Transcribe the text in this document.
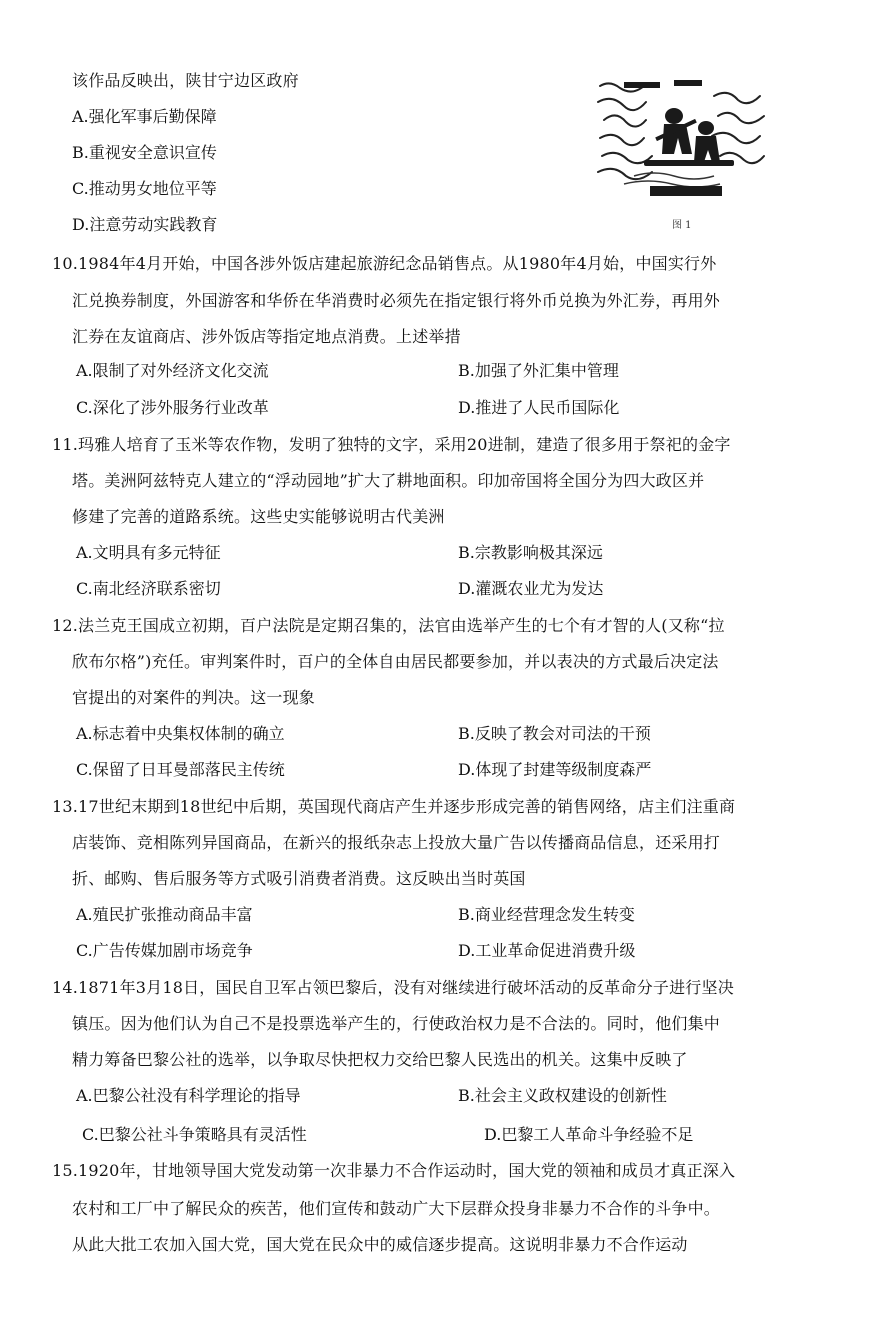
该作品反映出，陕甘宁边区政府
A.强化军事后勤保障
B.重视安全意识宣传
C.推动男女地位平等
D.注意劳动实践教育	图 1
10.1984年4月开始，中国各涉外饭店建起旅游纪念品销售点。从1980年4月始，中国实行外
汇兑换券制度，外国游客和华侨在华消费时必须先在指定银行将外币兑换为外汇券，再用外
汇券在友谊商店、涉外饭店等指定地点消费。上述举措
A.限制了对外经济文化交流	B.加强了外汇集中管理
C.深化了涉外服务行业改革	D.推进了人民币国际化
11.玛雅人培育了玉米等农作物，发明了独特的文字，采用20进制，建造了很多用于祭祀的金字
塔。美洲阿兹特克人建立的“浮动园地”扩大了耕地面积。印加帝国将全国分为四大政区并
修建了完善的道路系统。这些史实能够说明古代美洲
A.文明具有多元特征	B.宗教影响极其深远
C.南北经济联系密切	D.灌溉农业尤为发达
12.法兰克王国成立初期，百户法院是定期召集的，法官由选举产生的七个有才智的人(又称“拉
欣布尔格”)充任。审判案件时，百户的全体自由居民都要参加，并以表决的方式最后决定法
官提出的对案件的判决。这一现象
A.标志着中央集权体制的确立	B.反映了教会对司法的干预
C.保留了日耳曼部落民主传统	D.体现了封建等级制度森严
13.17世纪末期到18世纪中后期，英国现代商店产生并逐步形成完善的销售网络，店主们注重商
店装饰、竞相陈列异国商品，在新兴的报纸杂志上投放大量广告以传播商品信息，还采用打
折、邮购、售后服务等方式吸引消费者消费。这反映出当时英国
A.殖民扩张推动商品丰富	B.商业经营理念发生转变
C.广告传媒加剧市场竞争	D.工业革命促进消费升级
14.1871年3月18日，国民自卫军占领巴黎后，没有对继续进行破坏活动的反革命分子进行坚决
镇压。因为他们认为自己不是投票选举产生的，行使政治权力是不合法的。同时，他们集中
精力筹备巴黎公社的选举，以争取尽快把权力交给巴黎人民选出的机关。这集中反映了
A.巴黎公社没有科学理论的指导	B.社会主义政权建设的创新性
C.巴黎公社斗争策略具有灵活性	D.巴黎工人革命斗争经验不足
15.1920年，甘地领导国大党发动第一次非暴力不合作运动时，国大党的领袖和成员才真正深入
农村和工厂中了解民众的疾苦，他们宣传和鼓动广大下层群众投身非暴力不合作的斗争中。
从此大批工农加入国大党，国大党在民众中的威信逐步提高。这说明非暴力不合作运动
